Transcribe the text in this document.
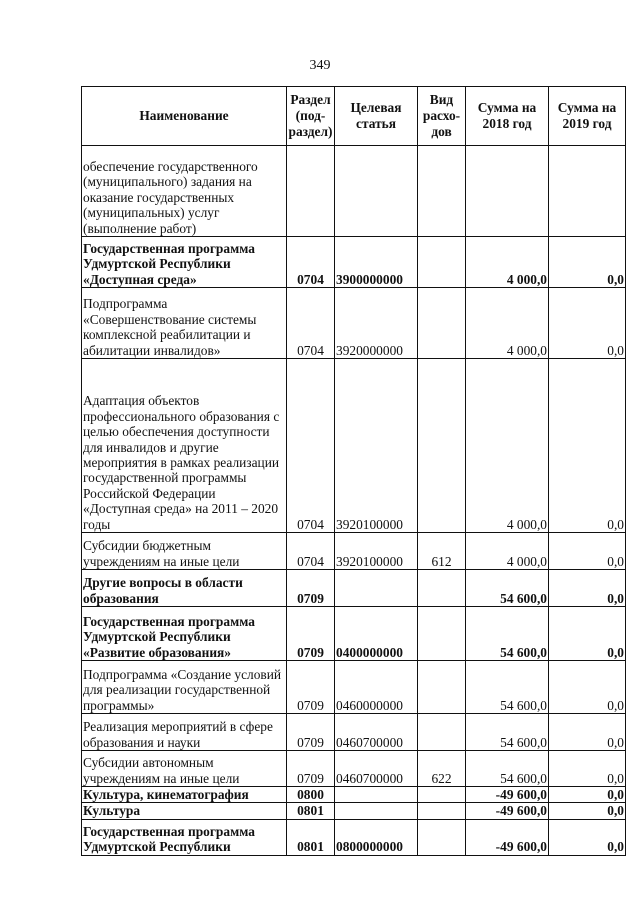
349
Наименование	Раздел (под-раздел)	Целевая статья	Вид расхо-дов	Сумма на 2018 год	Сумма на 2019 год
обеспечение государственного (муниципального) задания на оказание государственных (муниципальных) услуг (выполнение работ)					
Государственная программа Удмуртской Республики «Доступная среда»	0704	3900000000		4 000,0	0,0
Подпрограмма «Совершенствование системы комплексной реабилитации и абилитации инвалидов»	0704	3920000000		4 000,0	0,0
Адаптация объектов профессионального образования с целью обеспечения доступности для инвалидов и другие мероприятия в рамках реализации государственной программы Российской Федерации «Доступная среда» на 2011 – 2020 годы	0704	3920100000		4 000,0	0,0
Субсидии бюджетным учреждениям на иные цели	0704	3920100000	612	4 000,0	0,0
Другие вопросы в области образования	0709			54 600,0	0,0
Государственная программа Удмуртской Республики «Развитие образования»	0709	0400000000		54 600,0	0,0
Подпрограмма «Создание условий для реализации государственной программы»	0709	0460000000		54 600,0	0,0
Реализация мероприятий в сфере образования и науки	0709	0460700000		54 600,0	0,0
Субсидии автономным учреждениям на иные цели	0709	0460700000	622	54 600,0	0,0
Культура, кинематография	0800			-49 600,0	0,0
Культура	0801			-49 600,0	0,0
Государственная программа Удмуртской Республики	0801	0800000000		-49 600,0	0,0
